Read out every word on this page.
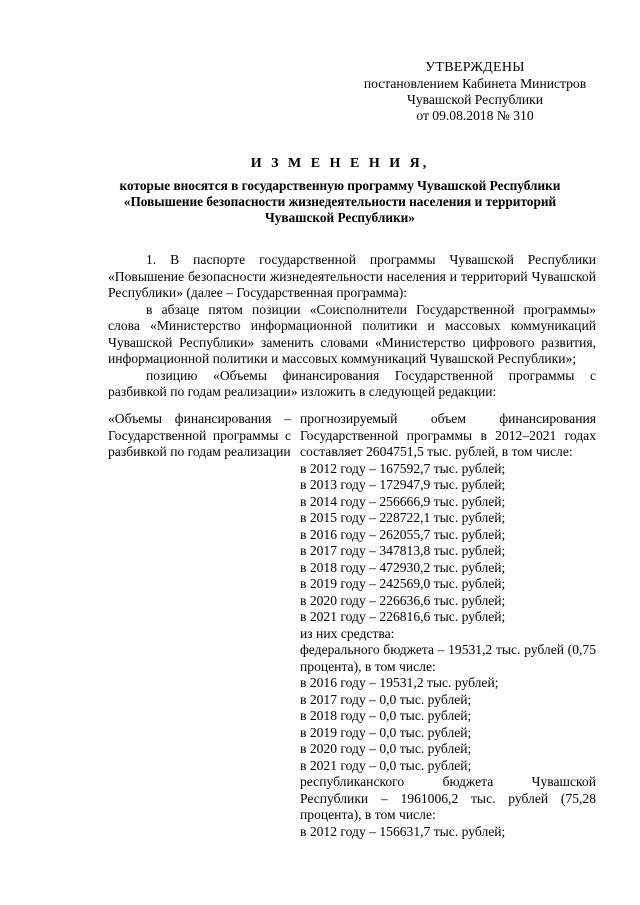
УТВЕРЖДЕНЫ
постановлением Кабинета Министров
Чувашской Республики
от 09.08.2018 № 310
И З М Е Н Е Н И Я,
которые вносятся в государственную программу Чувашской Республики
«Повышение безопасности жизнедеятельности населения и территорий
Чувашской Республики»

1. В паспорте государственной программы Чувашской Республики «Повышение безопасности жизнедеятельности населения и территорий Чувашской Республики» (далее – Государственная программа):

в абзаце пятом позиции «Соисполнители Государственной программы» слова «Министерство информационной политики и массовых коммуникаций Чувашской Республики» заменить словами «Министерство цифрового развития, информационной политики и массовых коммуникаций Чувашской Республики»;

позицию «Объемы финансирования Государственной программы с разбивкой по годам реализации» изложить в следующей редакции:

«Объемы финансирования – Государственной программы с разбивкой по годам реализации
прогнозируемый объем финансирования Государственной программы в 2012–2021 годах составляет 2604751,5 тыс. рублей, в том числе:
в 2012 году – 167592,7 тыс. рублей;
в 2013 году – 172947,9 тыс. рублей;
в 2014 году – 256666,9 тыс. рублей;
в 2015 году – 228722,1 тыс. рублей;
в 2016 году – 262055,7 тыс. рублей;
в 2017 году – 347813,8 тыс. рублей;
в 2018 году – 472930,2 тыс. рублей;
в 2019 году – 242569,0 тыс. рублей;
в 2020 году – 226636,6 тыс. рублей;
в 2021 году – 226816,6 тыс. рублей;
из них средства:
федерального бюджета – 19531,2 тыс. рублей (0,75 процента), в том числе:
в 2016 году – 19531,2 тыс. рублей;
в 2017 году – 0,0 тыс. рублей;
в 2018 году – 0,0 тыс. рублей;
в 2019 году – 0,0 тыс. рублей;
в 2020 году – 0,0 тыс. рублей;
в 2021 году – 0,0 тыс. рублей;
республиканского бюджета Чувашской Республики – 1961006,2 тыс. рублей (75,28 процента), в том числе:
в 2012 году – 156631,7 тыс. рублей;
